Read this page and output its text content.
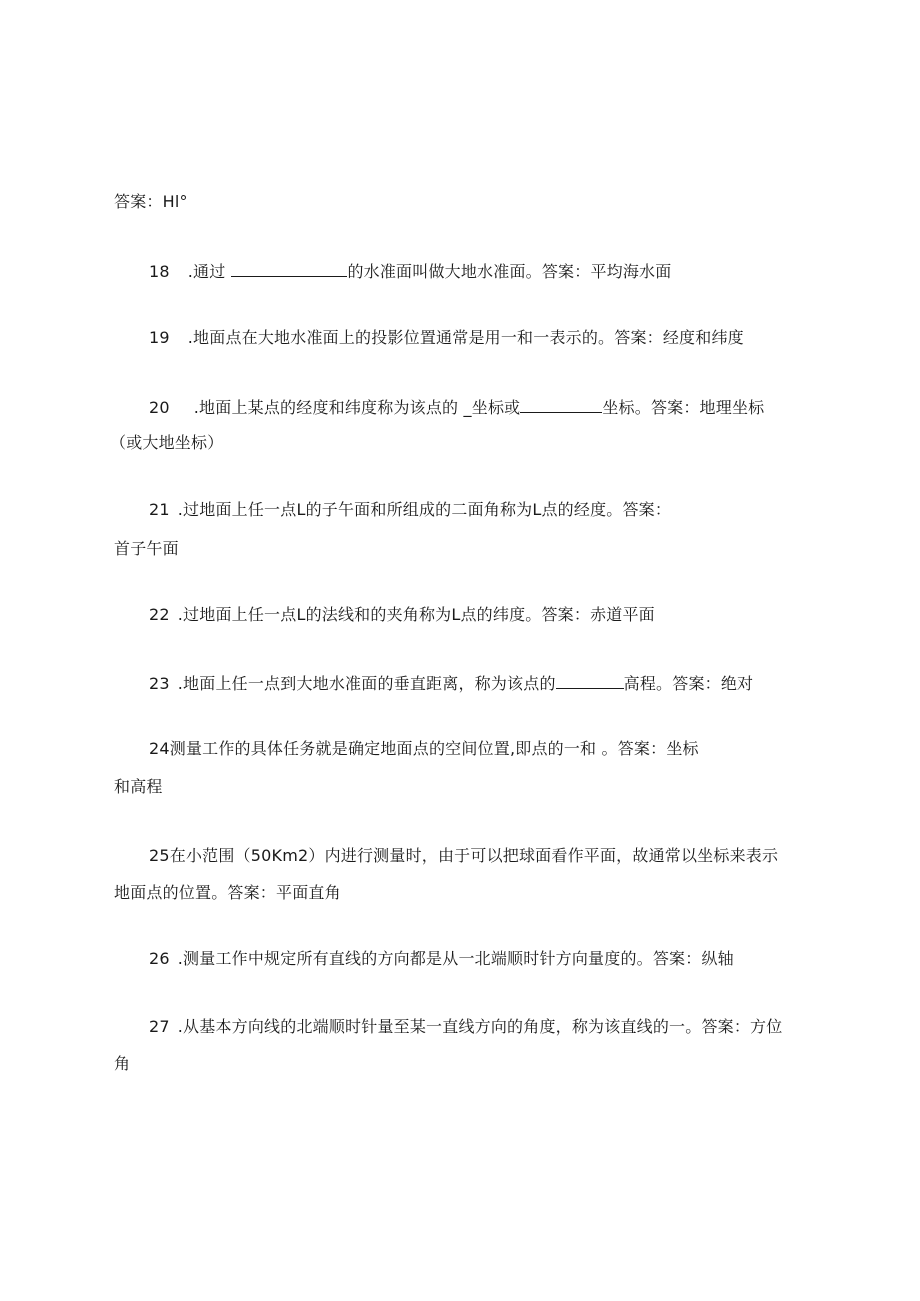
答案：Hl°
18 .通过	的水准面叫做大地水准面。答案：平均海水面
19 .地面点在大地水准面上的投影位置通常是用一和一表示的。答案：经度和纬度
20 .地面上某点的经度和纬度称为该点的 _坐标或	坐标。答案：地理坐标
（或大地坐标）
21 .过地面上任一点L的子午面和所组成的二面角称为L点的经度。答案：
首子午面
22 .过地面上任一点L的法线和的夹角称为L点的纬度。答案：赤道平面
23 .地面上任一点到大地水准面的垂直距离，称为该点的	高程。答案：绝对
24测量工作的具体任务就是确定地面点的空间位置,即点的一和 。答案：坐标
和高程
25在小范围（50Km2）内进行测量时，由于可以把球面看作平面，故通常以坐标来表示
地面点的位置。答案：平面直角
26 .测量工作中规定所有直线的方向都是从一北端顺时针方向量度的。答案：纵轴
27 .从基本方向线的北端顺时针量至某一直线方向的角度，称为该直线的一。答案：方位
角
